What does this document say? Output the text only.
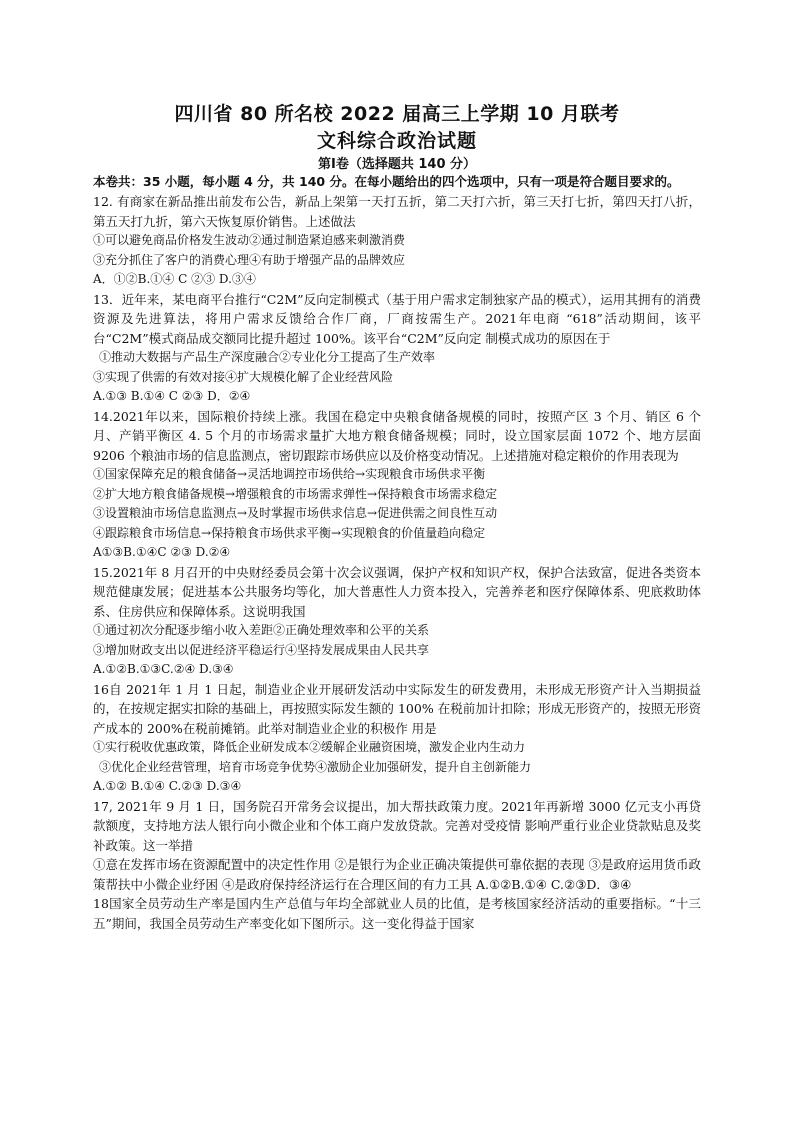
四川省 80 所名校 2022 届高三上学期 10 月联考
文科综合政治试题
第Ⅰ卷（选择题共 140 分）
本卷共：35 小题，每小题 4 分，共 140 分。在每小题给出的四个选项中，只有一项是符合题目要求的。

12. 有商家在新品推出前发布公告，新品上架第一天打五折，第二天打六折，第三天打七折，第四天打八折，第五天打九折，第六天恢复原价销售。上述做法

①可以避免商品价格发生波动②通过制造紧迫感来刺激消费

③充分抓住了客户的消费心理④有助于增强产品的品牌效应

A．①②B.①④ C ②③ D.③④

13．近年来，某电商平台推行“C2M”反向定制模式（基于用户需求定制独家产品的模式），运用其拥有的消费资源及先进算法，将用户需求反馈给合作厂商，厂商按需生产。2021年电商 “618”活动期间，该平台“C2M”模式商品成交额同比提升超过 100%。该平台“C2M”反向定 制模式成功的原因在于

①推动大数据与产品生产深度融合②专业化分工提高了生产效率

③实现了供需的有效对接④扩大规模化解了企业经营风险

A.①③ B.①④ C ②③ D．②④

14.2021年以来，国际粮价持续上涨。我国在稳定中央粮食储备规模的同时，按照产区 3 个月、销区 6 个月、产销平衡区 4. 5 个月的市场需求量扩大地方粮食储备规模；同时，设立国家层面 1072 个、地方层面 9206 个粮油市场的信息监测点，密切跟踪市场供应以及价格变动情况。上述措施对稳定粮价的作用表现为

①国家保障充足的粮食储备→灵活地调控市场供给→实现粮食市场供求平衡

②扩大地方粮食储备规模→增强粮食的市场需求弹性→保持粮食市场需求稳定

③设置粮油市场信息监测点→及时掌握市场供求信息→促进供需之间良性互动

④跟踪粮食市场信息→保持粮食市场供求平衡→实现粮食的价值量趋向稳定

A①③B.①④C ②③ D.②④

15.2021年 8 月召开的中央财经委员会第十次会议强调，保护产权和知识产权，保护合法致富，促进各类资本规范健康发展；促进基本公共服务均等化，加大普惠性人力资本投入，完善养老和医疗保障体系、兜底救助体系、住房供应和保障体系。这说明我国

①通过初次分配逐步缩小收入差距②正确处理效率和公平的关系

③增加财政支出以促进经济平稳运行④坚持发展成果由人民共享

A.①②B.①③C.②④ D.③④

16自 2021年 1 月 1 日起，制造业企业开展研发活动中实际发生的研发费用，未形成无形资产计入当期损益的，在按规定据实扣除的基础上，再按照实际发生额的 100% 在税前加计扣除；形成无形资产的，按照无形资产成本的 200%在税前摊销。此举对制造业企业的积极作 用是

①实行税收优惠政策，降低企业研发成本②缓解企业融资困境，激发企业内生动力

③优化企业经营管理，培育市场竞争优势④激励企业加强研发，提升自主创新能力

A.①② B.①④ C.②③ D.③④

17, 2021年 9 月 1 日，国务院召开常务会议提出，加大帮扶政策力度。2021年再新增 3000 亿元支小再贷款额度，支持地方法人银行向小微企业和个体工商户发放贷款。完善对受疫情 影响严重行业企业贷款贴息及奖补政策。这一举措

①意在发挥市场在资源配置中的决定性作用 ②是银行为企业正确决策提供可靠依据的表现 ③是政府运用货币政策帮扶中小微企业纾困 ④是政府保持经济运行在合理区间的有力工具 A.①②B.①④ C.②③D．③④

18国家全员劳动生产率是国内生产总值与年均全部就业人员的比值，是考核国家经济活动的重要指标。“十三五”期间，我国全员劳动生产率变化如下图所示。这一变化得益于国家
